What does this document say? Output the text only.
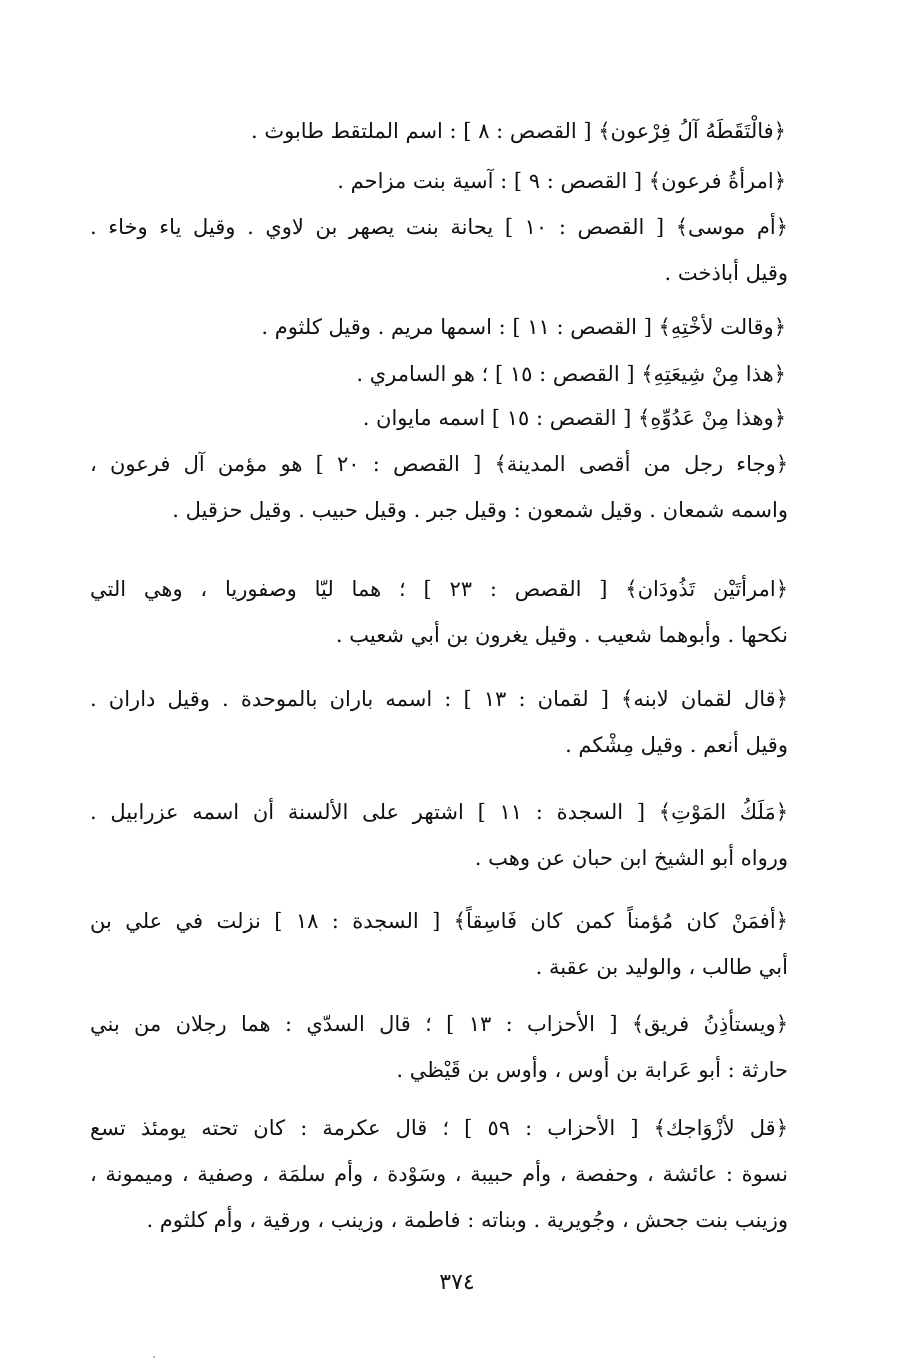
﴿فالْتَقَطَهُ آلُ فِرْعون﴾ [ القصص : ٨ ] : اسم الملتقط طابوث .
﴿امرأةُ فرعون﴾ [ القصص : ٩ ] : آسية بنت مزاحم .
﴿أم موسى﴾ [ القصص : ١٠ ] يحانة بنت يصهر بن لاوي . وقيل ياء وخاء .
وقيل أباذخت .
﴿وقالت لأخْتِهِ﴾ [ القصص : ١١ ] : اسمها مريم . وقيل كلثوم .
﴿هذا مِنْ شِيعَتِهِ﴾ [ القصص : ١٥ ] ؛ هو السامري .
﴿وهذا مِنْ عَدُوِّهِ﴾ [ القصص : ١٥ ] اسمه مايوان .
﴿وجاء رجل من أقصى المدينة﴾ [ القصص : ٢٠ ] هو مؤمن آل فرعون ،
واسمه شمعان . وقيل شمعون : وقيل جبر . وقيل حبيب . وقيل حزقيل .
﴿امرأتَيْن تَذُودَان﴾ [ القصص : ٢٣ ] ؛ هما ليّا وصفوريا ، وهي التي
نكحها . وأبوهما شعيب . وقيل يغرون بن أبي شعيب .
﴿قال لقمان لابنه﴾ [ لقمان : ١٣ ] : اسمه باران بالموحدة . وقيل داران .
وقيل أنعم . وقيل مِشْكم .
﴿مَلَكُ المَوْتِ﴾ [ السجدة : ١١ ] اشتهر على الألسنة أن اسمه عزرابيل .
ورواه أبو الشيخ ابن حبان عن وهب .
﴿أفمَنْ كان مُؤمناً كمن كان فَاسِقاً﴾ [ السجدة : ١٨ ] نزلت في علي بن
أبي طالب ، والوليد بن عقبة .
﴿ويستأذِنُ فريق﴾ [ الأحزاب : ١٣ ] ؛ قال السدّي : هما رجلان من بني
حارثة : أبو عَرابة بن أوس ، وأوس بن قَيْظي .
﴿قل لأزْوَاجك﴾ [ الأحزاب : ٥٩ ] ؛ قال عكرمة : كان تحته يومئذ تسع
نسوة : عائشة ، وحفصة ، وأم حبيبة ، وسَوْدة ، وأم سلمَة ، وصفية ، وميمونة ،
وزينب بنت جحش ، وجُويرية . وبناته : فاطمة ، وزينب ، ورقية ، وأم كلثوم .
٣٧٤
